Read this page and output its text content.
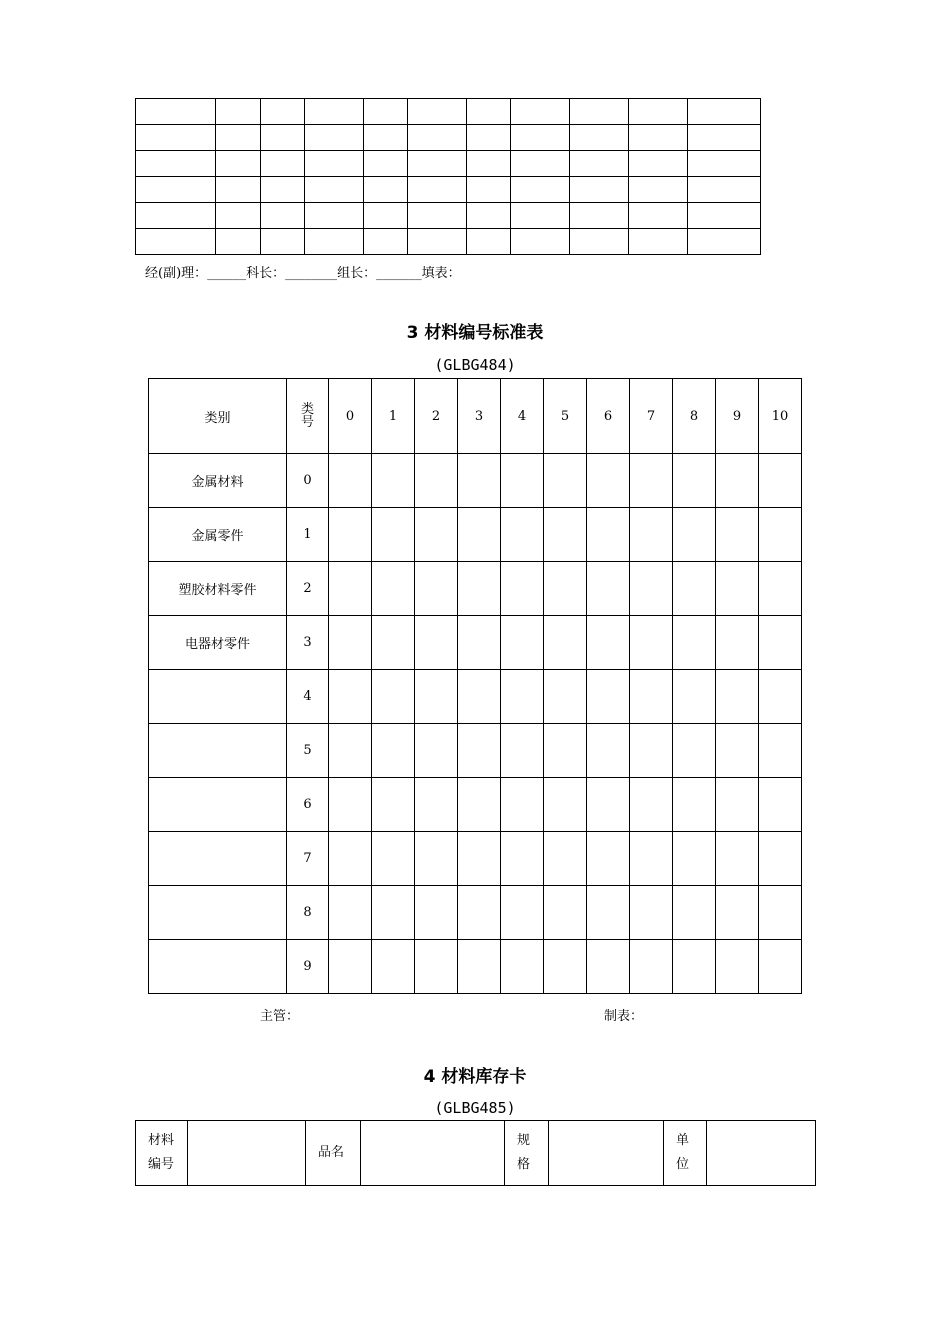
经(副)理：______科长：________组长：_______填表：
3 材料编号标准表
(GLBG484)
类别	类号	0	1	2	3	4	5	6	7	8	9	10
金属材料	0											
金属零件	1											
塑胶材料零件	2											
电器材零件	3											
	4											
	5											
	6											
	7											
	8											
	9											
主管：	制表：
4 材料库存卡
(GLBG485)
材料编号		品名		规格		单位	
